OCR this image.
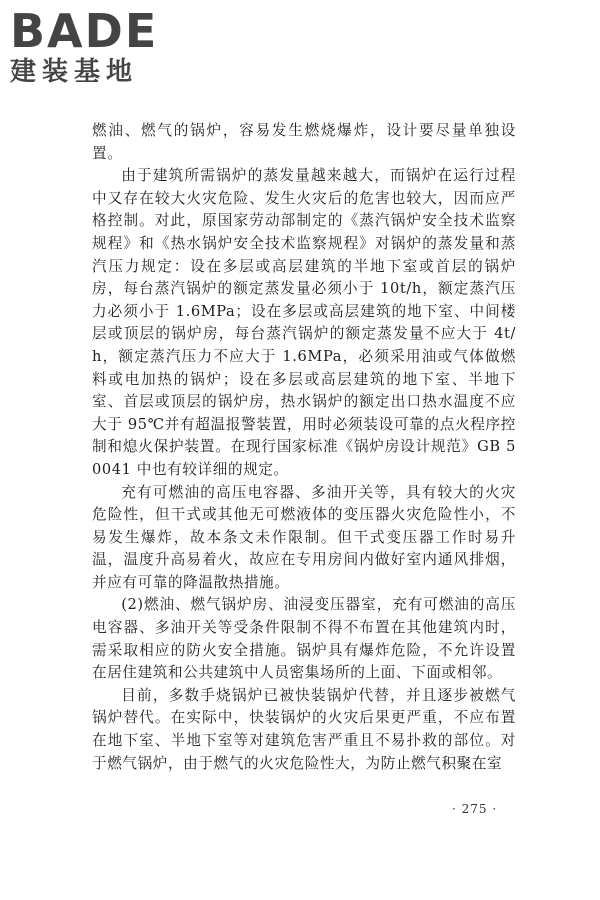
BADE
建装基地

燃油、燃气的锅炉，容易发生燃烧爆炸，设计要尽量单独设置。

由于建筑所需锅炉的蒸发量越来越大，而锅炉在运行过程中又存在较大火灾危险、发生火灾后的危害也较大，因而应严格控制。对此，原国家劳动部制定的《蒸汽锅炉安全技术监察规程》和《热水锅炉安全技术监察规程》对锅炉的蒸发量和蒸汽压力规定：设在多层或高层建筑的半地下室或首层的锅炉房，每台蒸汽锅炉的额定蒸发量必须小于 10t/h，额定蒸汽压力必须小于 1.6MPa；设在多层或高层建筑的地下室、中间楼层或顶层的锅炉房，每台蒸汽锅炉的额定蒸发量不应大于 4t/h，额定蒸汽压力不应大于 1.6MPa，必须采用油或气体做燃料或电加热的锅炉；设在多层或高层建筑的地下室、半地下室、首层或顶层的锅炉房，热水锅炉的额定出口热水温度不应大于 95℃并有超温报警装置，用时必须装设可靠的点火程序控制和熄火保护装置。在现行国家标准《锅炉房设计规范》GB 50041 中也有较详细的规定。

充有可燃油的高压电容器、多油开关等，具有较大的火灾危险性，但干式或其他无可燃液体的变压器火灾危险性小，不易发生爆炸，故本条文未作限制。但干式变压器工作时易升温，温度升高易着火，故应在专用房间内做好室内通风排烟，并应有可靠的降温散热措施。

(2)燃油、燃气锅炉房、油浸变压器室，充有可燃油的高压电容器、多油开关等受条件限制不得不布置在其他建筑内时，需采取相应的防火安全措施。锅炉具有爆炸危险，不允许设置在居住建筑和公共建筑中人员密集场所的上面、下面或相邻。

目前，多数手烧锅炉已被快装锅炉代替，并且逐步被燃气锅炉替代。在实际中，快装锅炉的火灾后果更严重，不应布置在地下室、半地下室等对建筑危害严重且不易扑救的部位。对于燃气锅炉，由于燃气的火灾危险性大，为防止燃气积聚在室

· 275 ·
